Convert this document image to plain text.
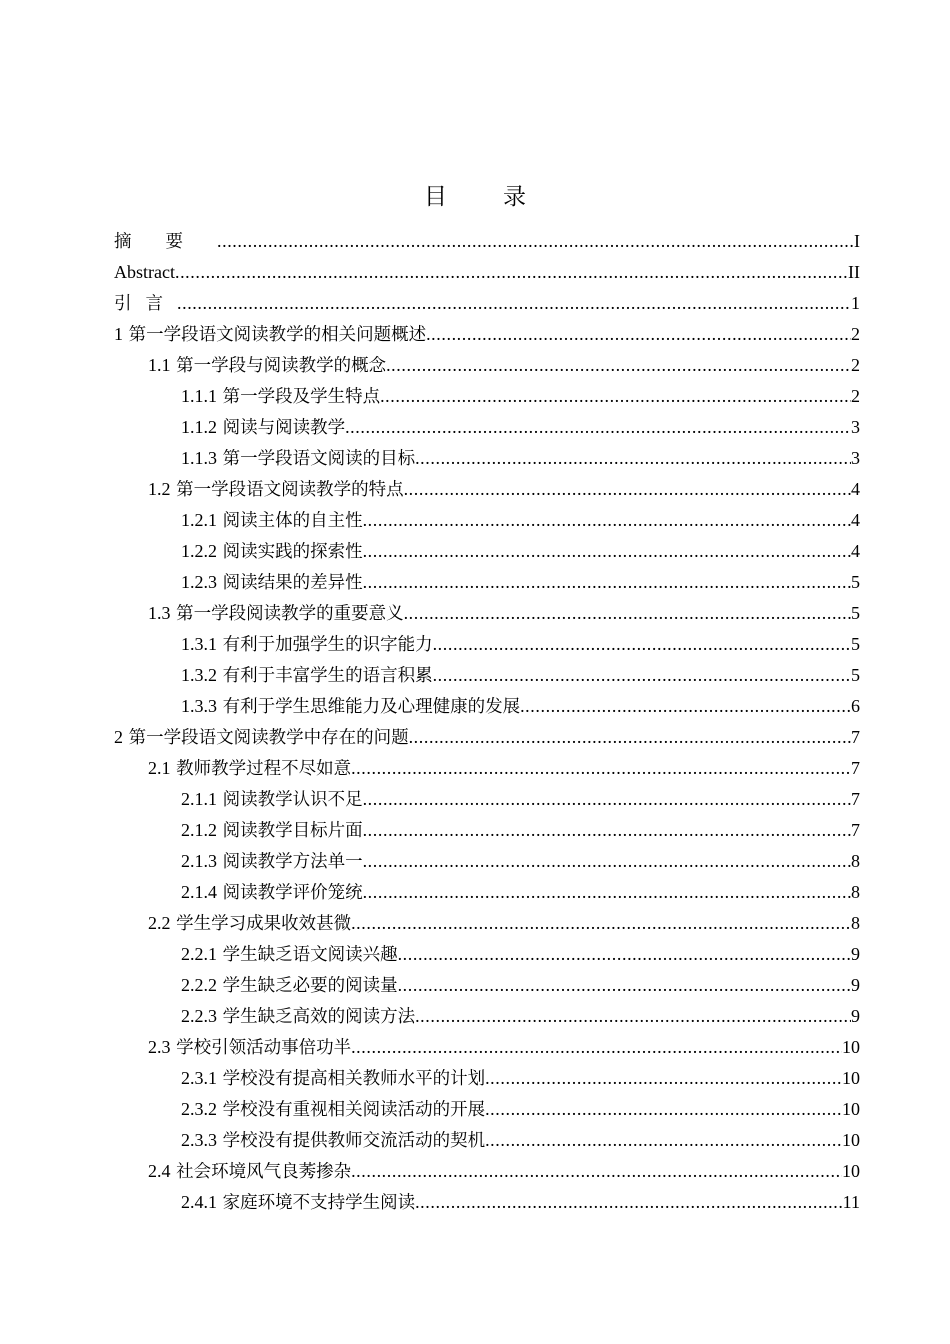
目 录
摘要 .....	I
Abstract .....	II
引言 .....	1
1 第一学段语文阅读教学的相关问题概述 .....	2
1.1 第一学段与阅读教学的概念 .....	2
1.1.1 第一学段及学生特点 .....	2
1.1.2 阅读与阅读教学 .....	3
1.1.3 第一学段语文阅读的目标 .....	3
1.2 第一学段语文阅读教学的特点 .....	4
1.2.1 阅读主体的自主性 .....	4
1.2.2 阅读实践的探索性 .....	4
1.2.3 阅读结果的差异性 .....	5
1.3 第一学段阅读教学的重要意义 .....	5
1.3.1 有利于加强学生的识字能力 .....	5
1.3.2 有利于丰富学生的语言积累 .....	5
1.3.3 有利于学生思维能力及心理健康的发展 .....	6
2 第一学段语文阅读教学中存在的问题 .....	7
2.1 教师教学过程不尽如意 .....	7
2.1.1 阅读教学认识不足 .....	7
2.1.2 阅读教学目标片面 .....	7
2.1.3 阅读教学方法单一 .....	8
2.1.4 阅读教学评价笼统 .....	8
2.2 学生学习成果收效甚微 .....	8
2.2.1 学生缺乏语文阅读兴趣 .....	9
2.2.2 学生缺乏必要的阅读量 .....	9
2.2.3 学生缺乏高效的阅读方法 .....	9
2.3 学校引领活动事倍功半 .....	10
2.3.1 学校没有提高相关教师水平的计划 .....	10
2.3.2 学校没有重视相关阅读活动的开展 .....	10
2.3.3 学校没有提供教师交流活动的契机 .....	10
2.4 社会环境风气良莠掺杂 .....	10
2.4.1 家庭环境不支持学生阅读 .....	11
